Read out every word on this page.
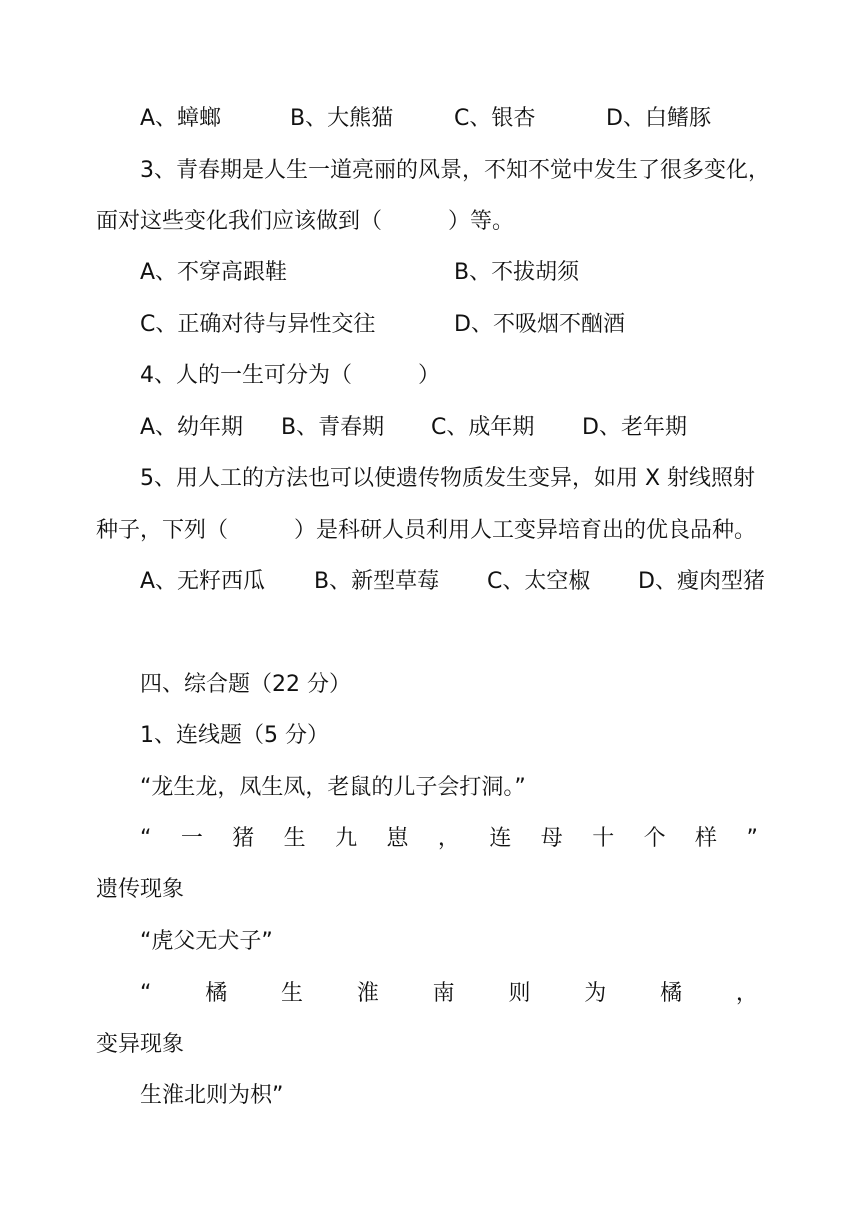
A、蟑螂	B、大熊猫	C、银杏	D、白鳍豚
3、青春期是人生一道亮丽的风景，不知不觉中发生了很多变化，
面对这些变化我们应该做到（　　　）等。
A、不穿高跟鞋	B、不拔胡须
C、正确对待与异性交往	D、不吸烟不酗酒
4、人的一生可分为（　　　）
A、幼年期 B、青春期 C、成年期 D、老年期
5、用人工的方法也可以使遗传物质发生变异，如用 X 射线照射
种子，下列（　　　）是科研人员利用人工变异培育出的优良品种。
A、无籽西瓜 B、新型草莓 C、太空椒 D、瘦肉型猪
四、综合题（22 分）
1、连线题（5 分）
“龙生龙，凤生凤，老鼠的儿子会打洞。”
“ 一 猪 生 九 崽 ， 连 母 十 个 样 ”
遗传现象
“虎父无犬子”
“ 橘 生 淮 南 则 为 橘 ，
变异现象
生淮北则为枳”
